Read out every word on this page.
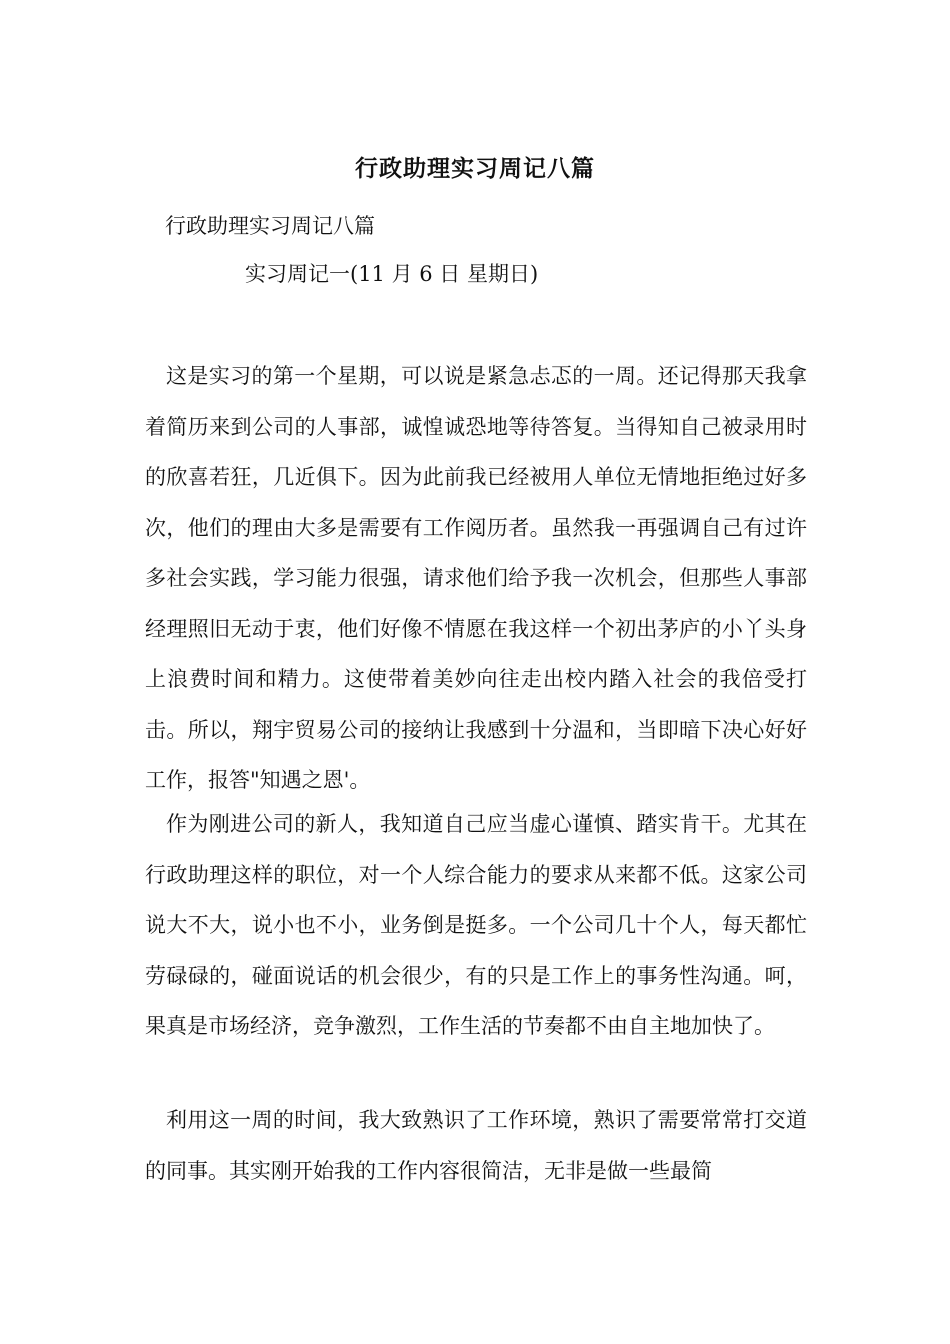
行政助理实习周记八篇
行政助理实习周记八篇
实习周记一(11 月 6 日 星期日)

这是实习的第一个星期，可以说是紧急忐忑的一周。还记得那天我拿着简历来到公司的人事部，诚惶诚恐地等待答复。当得知自己被录用时的欣喜若狂，几近俱下。因为此前我已经被用人单位无情地拒绝过好多次，他们的理由大多是需要有工作阅历者。虽然我一再强调自己有过许多社会实践，学习能力很强，请求他们给予我一次机会，但那些人事部经理照旧无动于衷，他们好像不情愿在我这样一个初出茅庐的小丫头身上浪费时间和精力。这使带着美妙向往走出校内踏入社会的我倍受打击。所以，翔宇贸易公司的接纳让我感到十分温和，当即暗下决心好好工作，报答"知遇之恩'。

作为刚进公司的新人，我知道自己应当虚心谨慎、踏实肯干。尤其在行政助理这样的职位，对一个人综合能力的要求从来都不低。这家公司说大不大，说小也不小，业务倒是挺多。一个公司几十个人，每天都忙劳碌碌的，碰面说话的机会很少，有的只是工作上的事务性沟通。呵，果真是市场经济，竞争激烈，工作生活的节奏都不由自主地加快了。

利用这一周的时间，我大致熟识了工作环境，熟识了需要常常打交道的同事。其实刚开始我的工作内容很简洁，无非是做一些最简
